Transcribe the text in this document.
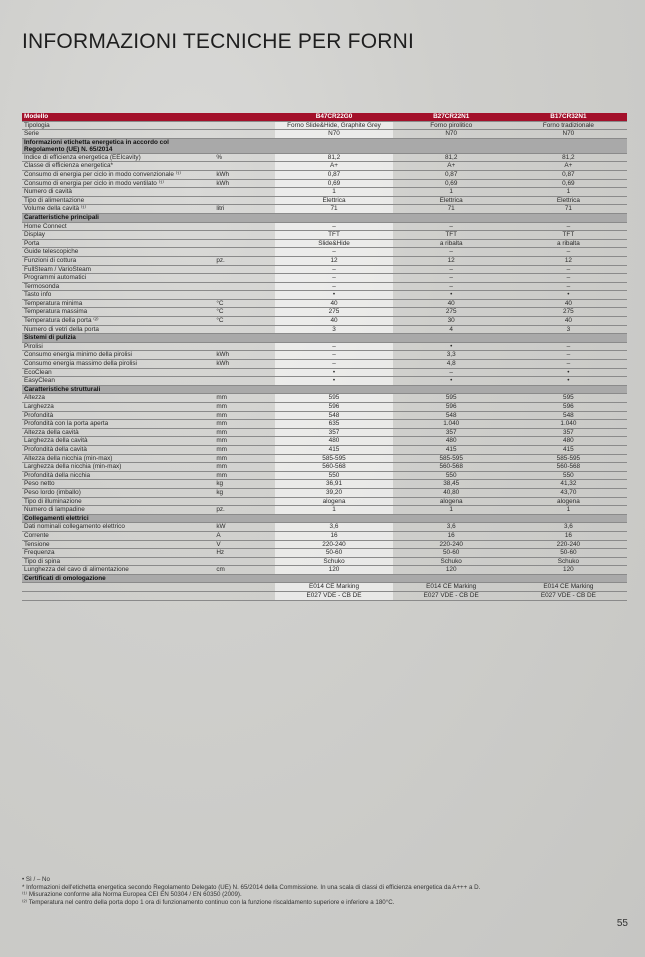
INFORMAZIONI TECNICHE PER FORNI
Modello		B47CR22G0	B27CR22N1	B17CR32N1
Tipologia		Forno Slide&Hide, Graphite Grey	Forno pirolitico	Forno tradizionale
Serie		N70	N70	N70
Informazioni etichetta energetica in accordo col Regolamento (UE) N. 65/2014				
Indice di efficienza energetica (EEIcavity)	%	81,2	81,2	81,2
Classe di efficienza energetica*		A+	A+	A+
Consumo di energia per ciclo in modo convenzionale ⁽¹⁾	kWh	0,87	0,87	0,87
Consumo di energia per ciclo in modo ventilato ⁽¹⁾	kWh	0,69	0,69	0,69
Numero di cavità		1	1	1
Tipo di alimentazione		Elettrica	Elettrica	Elettrica
Volume della cavità ⁽¹⁾	litri	71	71	71
Caratteristiche principali				
Home Connect		–	–	–
Display		TFT	TFT	TFT
Porta		Slide&Hide	a ribalta	a ribalta
Guide telescopiche		–	–	–
Funzioni di cottura	pz.	12	12	12
FullSteam / VarioSteam		–	–	–
Programmi automatici		–	–	–
Termosonda		–	–	–
Tasto info		•	•	•
Temperatura minima	°C	40	40	40
Temperatura massima	°C	275	275	275
Temperatura della porta ⁽²⁾	°C	40	30	40
Numero di vetri della porta		3	4	3
Sistemi di pulizia				
Pirolisi		–	•	–
Consumo energia minimo della pirolisi	kWh	–	3,3	–
Consumo energia massimo della pirolisi	kWh	–	4,8	–
EcoClean		•	–	•
EasyClean		•	•	•
Caratteristiche strutturali				
Altezza	mm	595	595	595
Larghezza	mm	596	596	596
Profondità	mm	548	548	548
Profondità con la porta aperta	mm	635	1.040	1.040
Altezza della cavità	mm	357	357	357
Larghezza della cavità	mm	480	480	480
Profondità della cavità	mm	415	415	415
Altezza della nicchia (min-max)	mm	585-595	585-595	585-595
Larghezza della nicchia (min-max)	mm	560-568	560-568	560-568
Profondità della nicchia	mm	550	550	550
Peso netto	kg	36,91	38,45	41,32
Peso lordo (imballo)	kg	39,20	40,80	43,70
Tipo di illuminazione		alogena	alogena	alogena
Numero di lampadine	pz.	1	1	1
Collegamenti elettrici				
Dati nominali collegamento elettrico	kW	3,6	3,6	3,6
Corrente	A	16	16	16
Tensione	V	220-240	220-240	220-240
Frequenza	Hz	50-60	50-60	50-60
Tipo di spina		Schuko	Schuko	Schuko
Lunghezza del cavo di alimentazione	cm	120	120	120
Certificati di omologazione				
		E014 CE Marking	E014 CE Marking	E014 CE Marking
		E027 VDE - CB DE	E027 VDE - CB DE	E027 VDE - CB DE
• Sì / – No
* Informazioni dell'etichetta energetica secondo Regolamento Delegato (UE) N. 65/2014 della Commissione. In una scala di classi di efficienza energetica da A+++ a D.
⁽¹⁾ Misurazione conforme alla Norma Europea CEI EN 50304 / EN 60350 (2009).
⁽²⁾ Temperatura nel centro della porta dopo 1 ora di funzionamento continuo con la funzione riscaldamento superiore e inferiore a 180°C.
55
